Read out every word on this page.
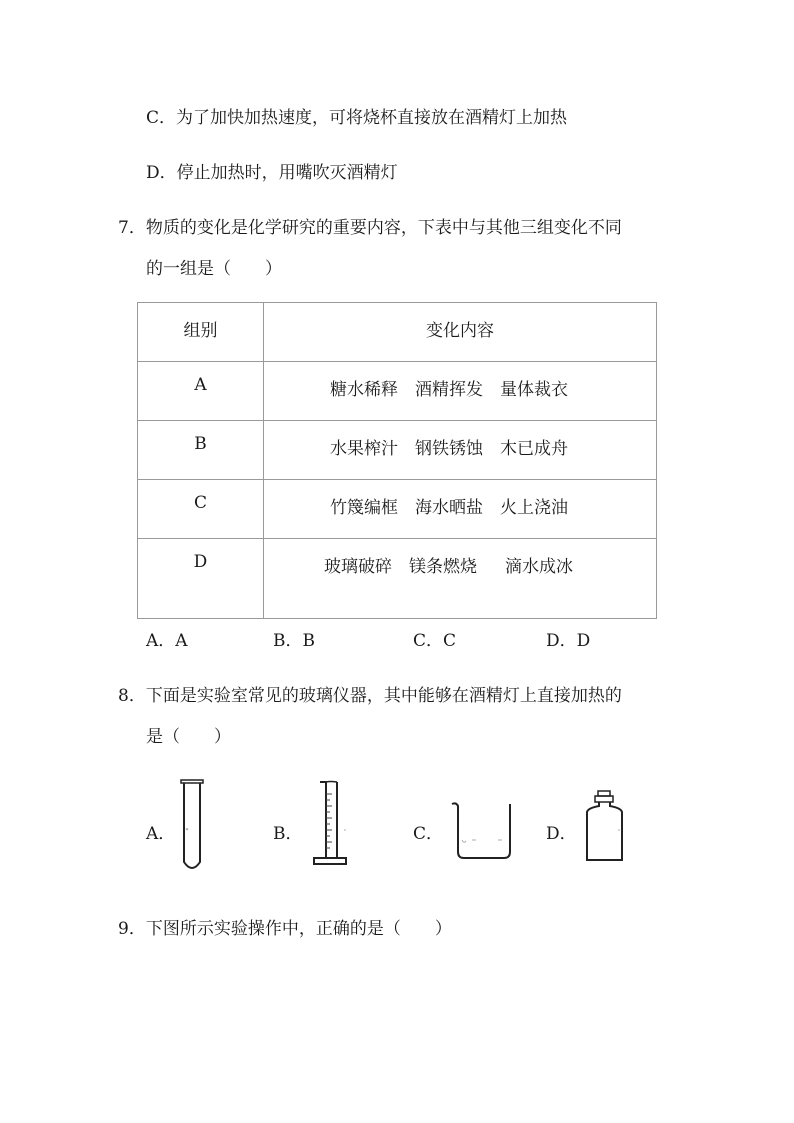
C．为了加快加热速度，可将烧杯直接放在酒精灯上加热
D．停止加热时，用嘴吹灭酒精灯
7．物质的变化是化学研究的重要内容，下表中与其他三组变化不同
的一组是（　　）
组别	变化内容
A	糖水稀释 酒精挥发 量体裁衣
B	水果榨汁 钢铁锈蚀 木已成舟
C	竹篾编框 海水晒盐 火上浇油
D	玻璃破碎 镁条燃烧 滴水成冰
A．A	B．B	C．C	D．D
8．下面是实验室常见的玻璃仪器，其中能够在酒精灯上直接加热的
是（　　）
A．	B．	C．	D．
9．下图所示实验操作中，正确的是（　　）
